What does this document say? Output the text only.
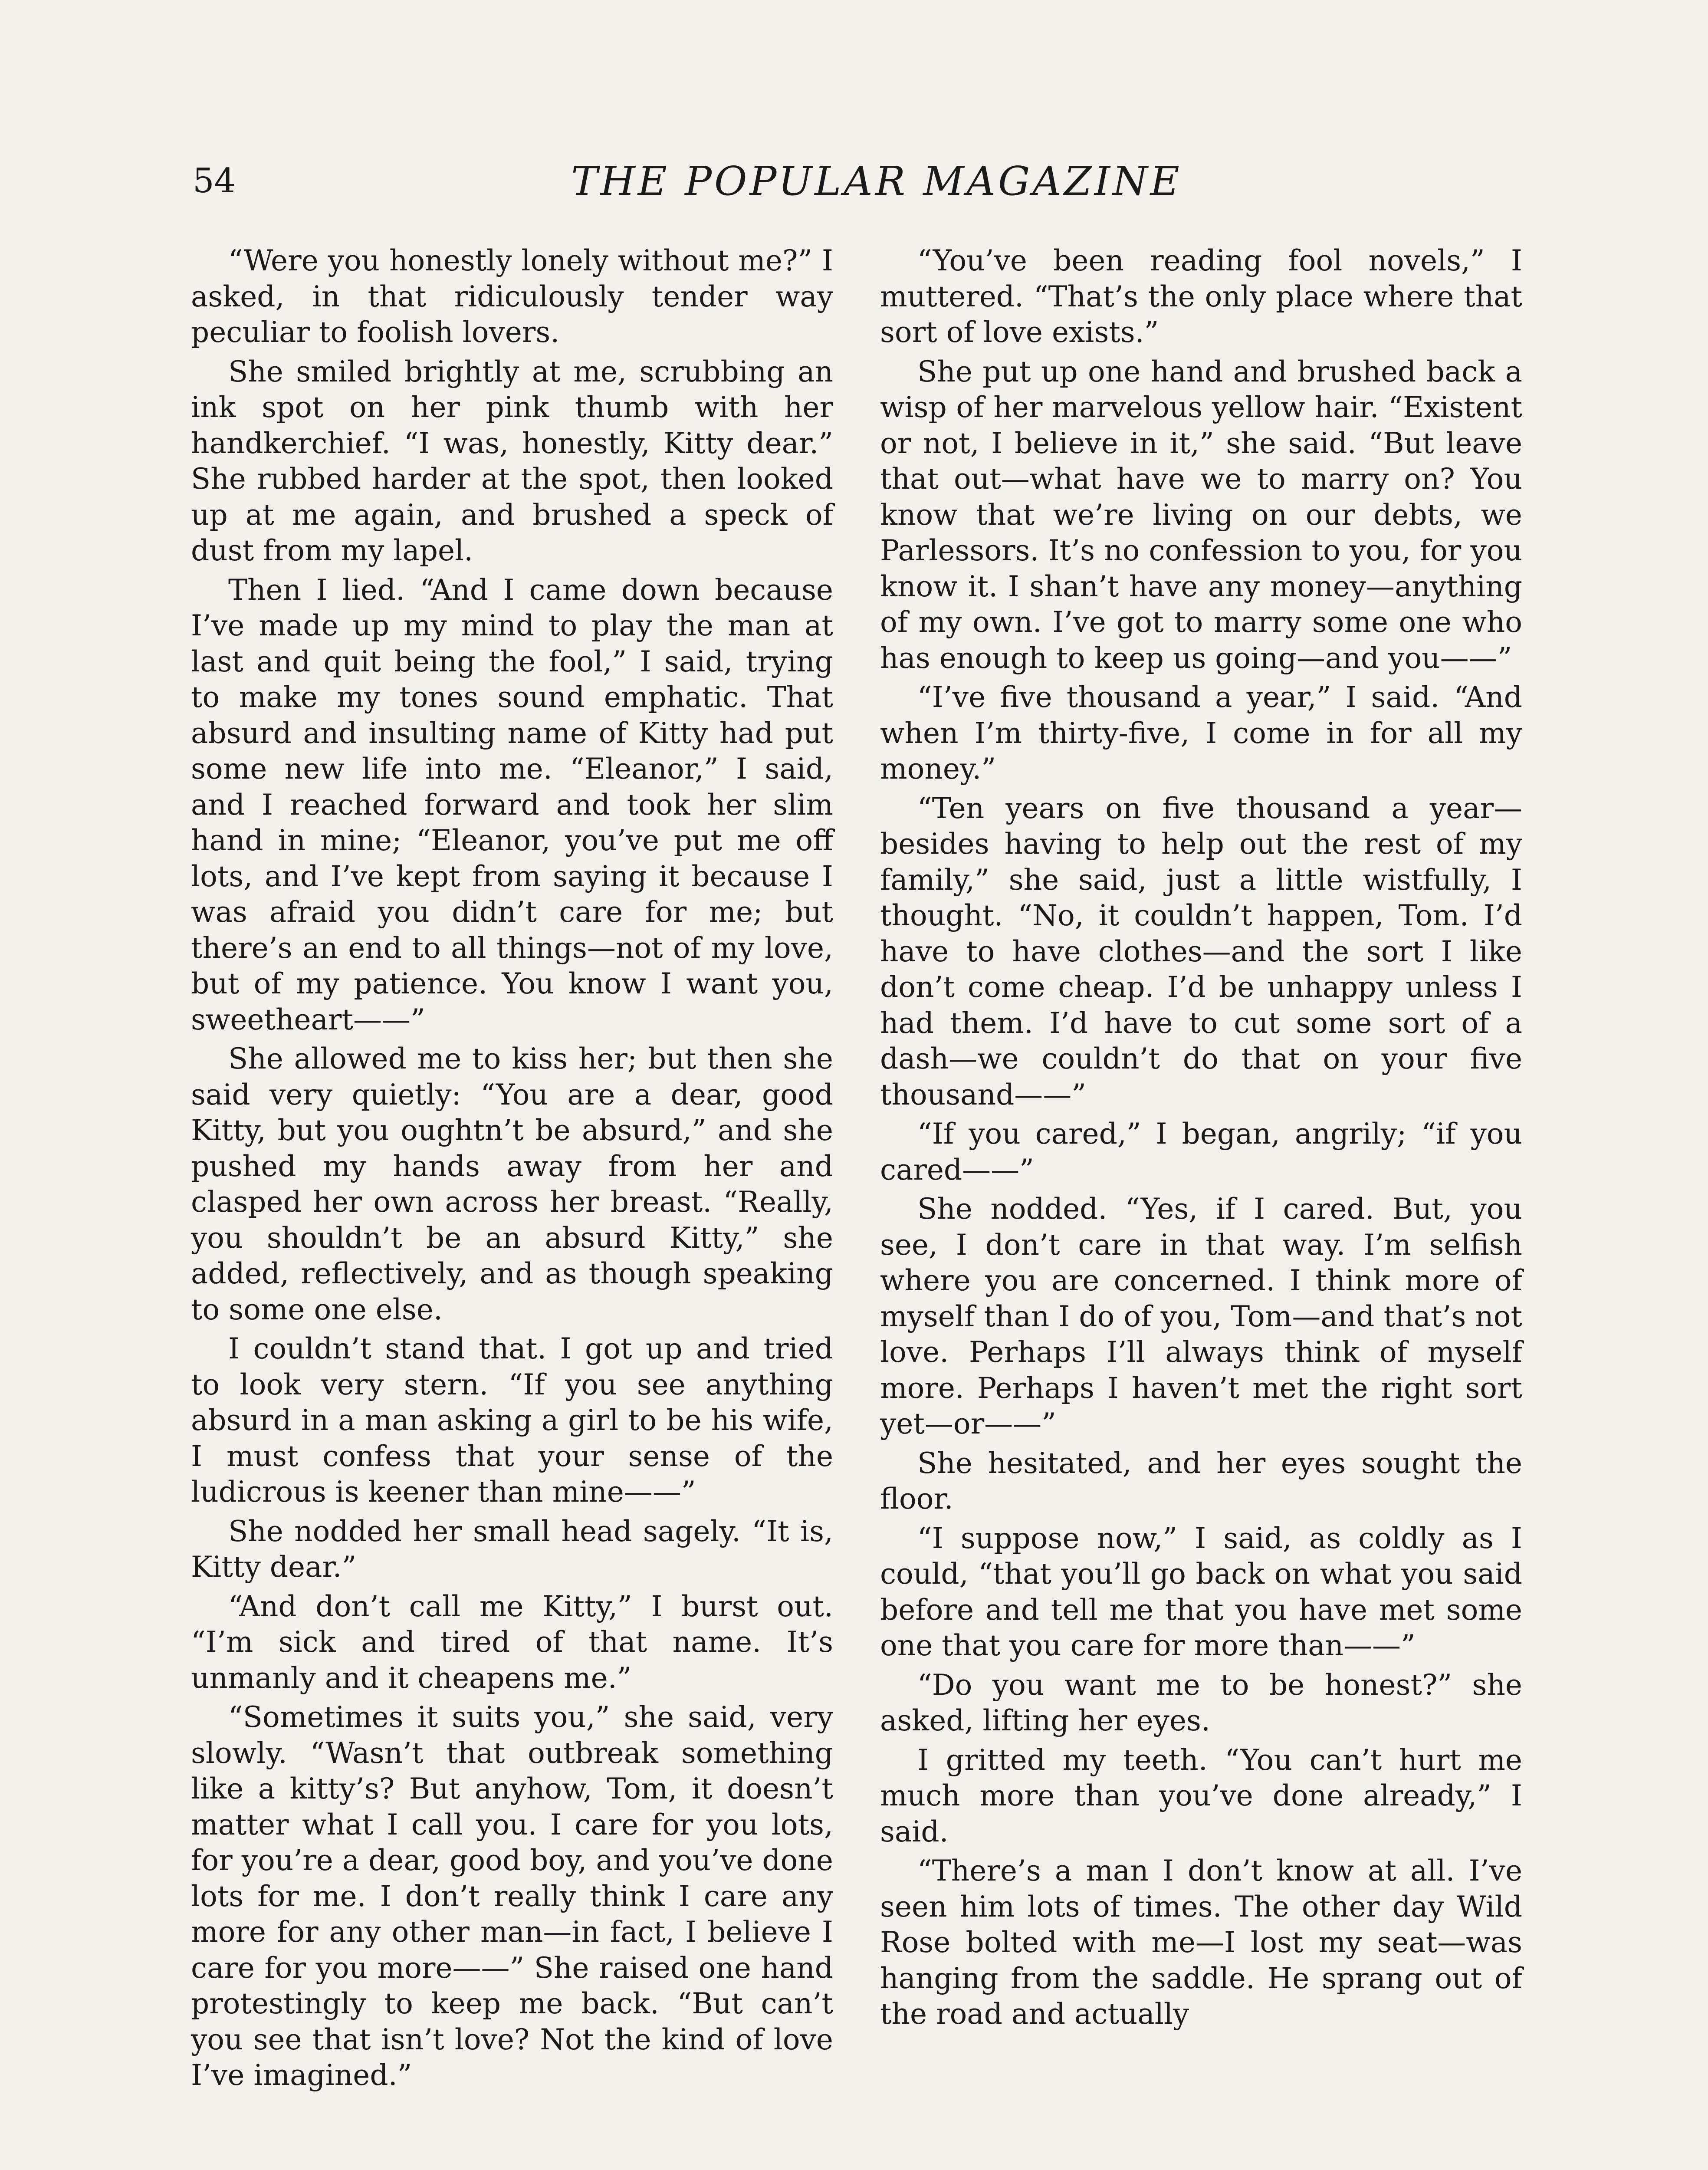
54	THE POPULAR MAGAZINE

“Were you honestly lonely without me?” I asked, in that ridiculously tender way peculiar to foolish lovers.

She smiled brightly at me, scrubbing an ink spot on her pink thumb with her handkerchief. “I was, honestly, Kitty dear.” She rubbed harder at the spot, then looked up at me again, and brushed a speck of dust from my lapel.

Then I lied. “And I came down because I’ve made up my mind to play the man at last and quit being the fool,” I said, trying to make my tones sound emphatic. That absurd and insulting name of Kitty had put some new life into me. “Eleanor,” I said, and I reached forward and took her slim hand in mine; “Eleanor, you’ve put me off lots, and I’ve kept from saying it because I was afraid you didn’t care for me; but there’s an end to all things—not of my love, but of my patience. You know I want you, sweetheart——”

She allowed me to kiss her; but then she said very quietly: “You are a dear, good Kitty, but you oughtn’t be absurd,” and she pushed my hands away from her and clasped her own across her breast. “Really, you shouldn’t be an absurd Kitty,” she added, reflectively, and as though speaking to some one else.

I couldn’t stand that. I got up and tried to look very stern. “If you see anything absurd in a man asking a girl to be his wife, I must confess that your sense of the ludicrous is keener than mine——”

She nodded her small head sagely. “It is, Kitty dear.”

“And don’t call me Kitty,” I burst out. “I’m sick and tired of that name. It’s unmanly and it cheapens me.”

“Sometimes it suits you,” she said, very slowly. “Wasn’t that outbreak something like a kitty’s? But anyhow, Tom, it doesn’t matter what I call you. I care for you lots, for you’re a dear, good boy, and you’ve done lots for me. I don’t really think I care any more for any other man—in fact, I believe I care for you more——” She raised one hand protestingly to keep me back. “But can’t you see that isn’t love? Not the kind of love I’ve imagined.”

“You’ve been reading fool novels,” I muttered. “That’s the only place where that sort of love exists.”

She put up one hand and brushed back a wisp of her marvelous yellow hair. “Existent or not, I believe in it,” she said. “But leave that out—what have we to marry on? You know that we’re living on our debts, we Parlessors. It’s no confession to you, for you know it. I shan’t have any money—anything of my own. I’ve got to marry some one who has enough to keep us going—and you——”

“I’ve five thousand a year,” I said. “And when I’m thirty-five, I come in for all my money.”

“Ten years on five thousand a year—besides having to help out the rest of my family,” she said, just a little wistfully, I thought. “No, it couldn’t happen, Tom. I’d have to have clothes—and the sort I like don’t come cheap. I’d be unhappy unless I had them. I’d have to cut some sort of a dash—we couldn’t do that on your five thousand——”

“If you cared,” I began, angrily; “if you cared——”

She nodded. “Yes, if I cared. But, you see, I don’t care in that way. I’m selfish where you are concerned. I think more of myself than I do of you, Tom—and that’s not love. Perhaps I’ll always think of myself more. Perhaps I haven’t met the right sort yet—or——”

She hesitated, and her eyes sought the floor.

“I suppose now,” I said, as coldly as I could, “that you’ll go back on what you said before and tell me that you have met some one that you care for more than——”

“Do you want me to be honest?” she asked, lifting her eyes.

I gritted my teeth. “You can’t hurt me much more than you’ve done already,” I said.

“There’s a man I don’t know at all. I’ve seen him lots of times. The other day Wild Rose bolted with me—I lost my seat—was hanging from the saddle. He sprang out of the road and actually
